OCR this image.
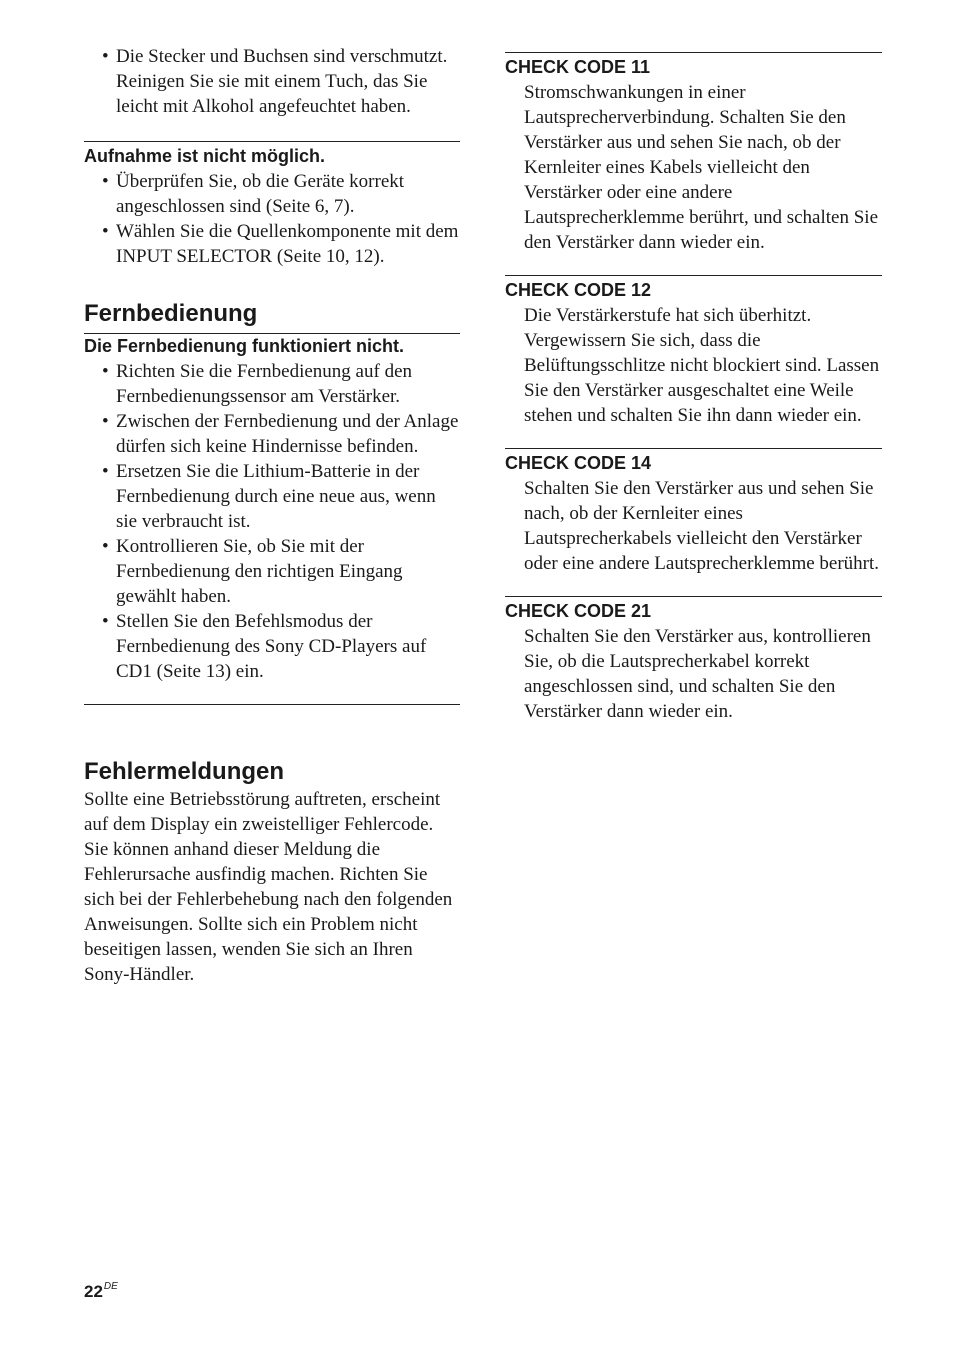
• Die Stecker und Buchsen sind verschmutzt. Reinigen Sie sie mit einem Tuch, das Sie leicht mit Alkohol angefeuchtet haben.
Aufnahme ist nicht möglich.
• Überprüfen Sie, ob die Geräte korrekt angeschlossen sind (Seite 6, 7).
• Wählen Sie die Quellenkomponente mit dem INPUT SELECTOR (Seite 10, 12).
Fernbedienung
Die Fernbedienung funktioniert nicht.
• Richten Sie die Fernbedienung auf den Fernbedienungssensor am Verstärker.
• Zwischen der Fernbedienung und der Anlage dürfen sich keine Hindernisse befinden.
• Ersetzen Sie die Lithium-Batterie in der Fernbedienung durch eine neue aus, wenn sie verbraucht ist.
• Kontrollieren Sie, ob Sie mit der Fernbedienung den richtigen Eingang gewählt haben.
• Stellen Sie den Befehlsmodus der Fernbedienung des Sony CD-Players auf CD1 (Seite 13) ein.
Fehlermeldungen
Sollte eine Betriebsstörung auftreten, erscheint auf dem Display ein zweistelliger Fehlercode. Sie können anhand dieser Meldung die Fehlerursache ausfindig machen. Richten Sie sich bei der Fehlerbehebung nach den folgenden Anweisungen. Sollte sich ein Problem nicht beseitigen lassen, wenden Sie sich an Ihren Sony-Händler.
CHECK CODE 11
Stromschwankungen in einer Lautsprecherverbindung. Schalten Sie den Verstärker aus und sehen Sie nach, ob der Kernleiter eines Kabels vielleicht den Verstärker oder eine andere Lautsprecherklemme berührt, und schalten Sie den Verstärker dann wieder ein.
CHECK CODE 12
Die Verstärkerstufe hat sich überhitzt. Vergewissern Sie sich, dass die Belüftungsschlitze nicht blockiert sind. Lassen Sie den Verstärker ausgeschaltet eine Weile stehen und schalten Sie ihn dann wieder ein.
CHECK CODE 14
Schalten Sie den Verstärker aus und sehen Sie nach, ob der Kernleiter eines Lautsprecherkabels vielleicht den Verstärker oder eine andere Lautsprecherklemme berührt.
CHECK CODE 21
Schalten Sie den Verstärker aus, kontrollieren Sie, ob die Lautsprecherkabel korrekt angeschlossen sind, und schalten Sie den Verstärker dann wieder ein.
22DE
